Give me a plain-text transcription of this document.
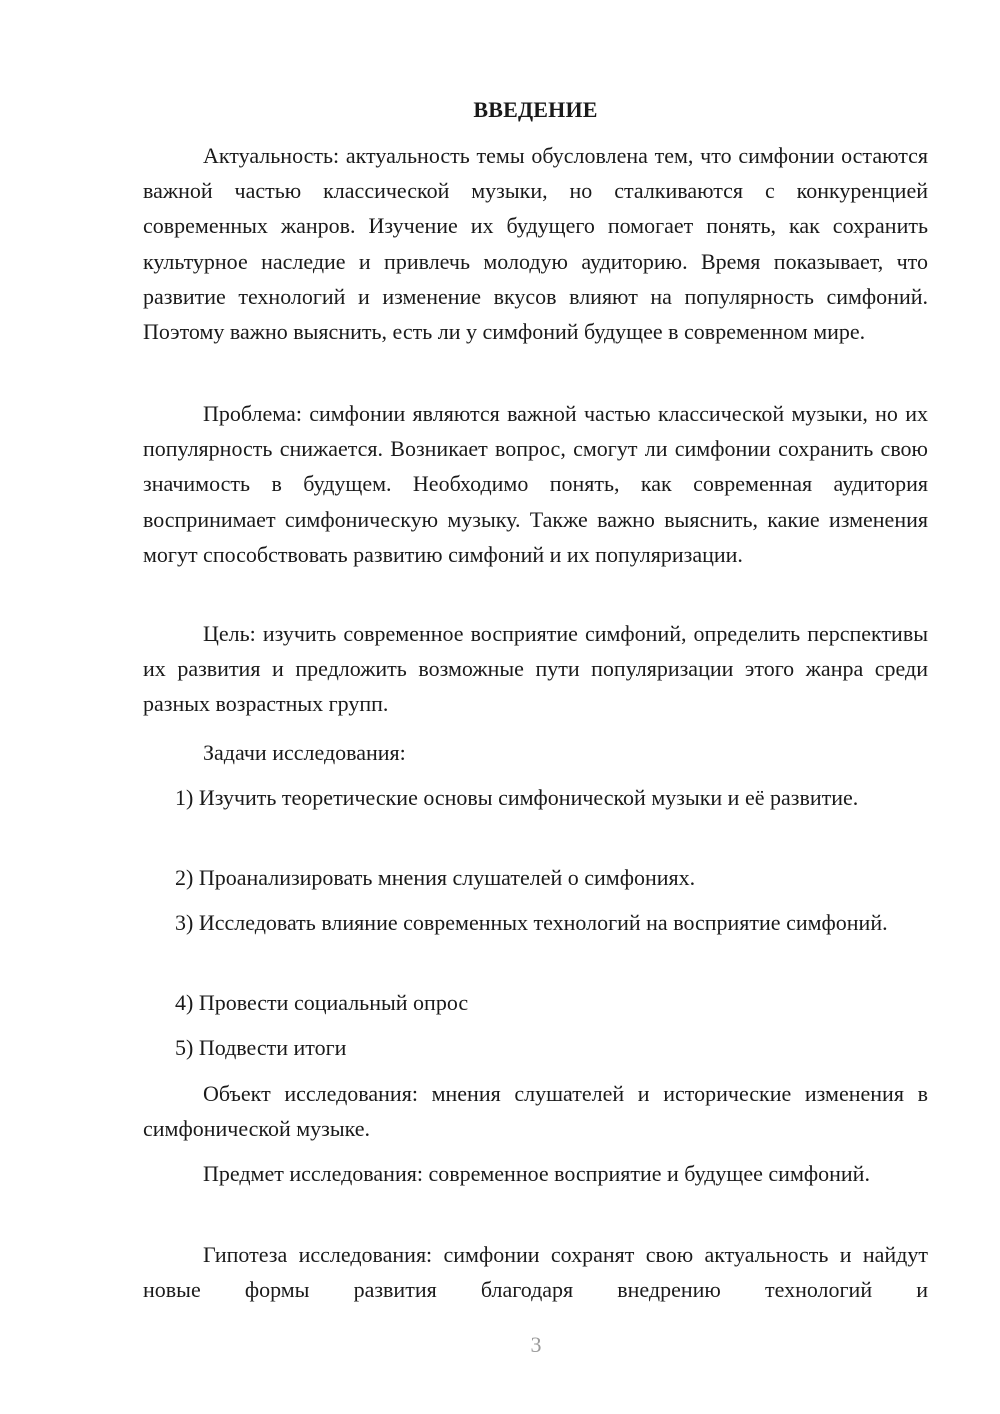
ВВЕДЕНИЕ

Актуальность: актуальность темы обусловлена тем, что симфонии остаются важной частью классической музыки, но сталкиваются с конкуренцией современных жанров. Изучение их будущего помогает понять, как сохранить культурное наследие и привлечь молодую аудиторию. Время показывает, что развитие технологий и изменение вкусов влияют на популярность симфоний. Поэтому важно выяснить, есть ли у симфоний будущее в современном мире.

Проблема: симфонии являются важной частью классической музыки, но их популярность снижается. Возникает вопрос, смогут ли симфонии сохранить свою значимость в будущем. Необходимо понять, как современная аудитория воспринимает симфоническую музыку. Также важно выяснить, какие изменения могут способствовать развитию симфоний и их популяризации.

Цель: изучить современное восприятие симфоний, определить перспективы их развития и предложить возможные пути популяризации этого жанра среди разных возрастных групп.

Задачи исследования:

1) Изучить теоретические основы симфонической музыки и её развитие.

2) Проанализировать мнения слушателей о симфониях.

3) Исследовать влияние современных технологий на восприятие симфоний.

4) Провести социальный опрос

5) Подвести итоги

Объект исследования: мнения слушателей и исторические изменения в симфонической музыке.

Предмет исследования: современное восприятие и будущее симфоний.

Гипотеза исследования: симфонии сохранят свою актуальность и найдут новые формы развития благодаря внедрению технологий и

3
